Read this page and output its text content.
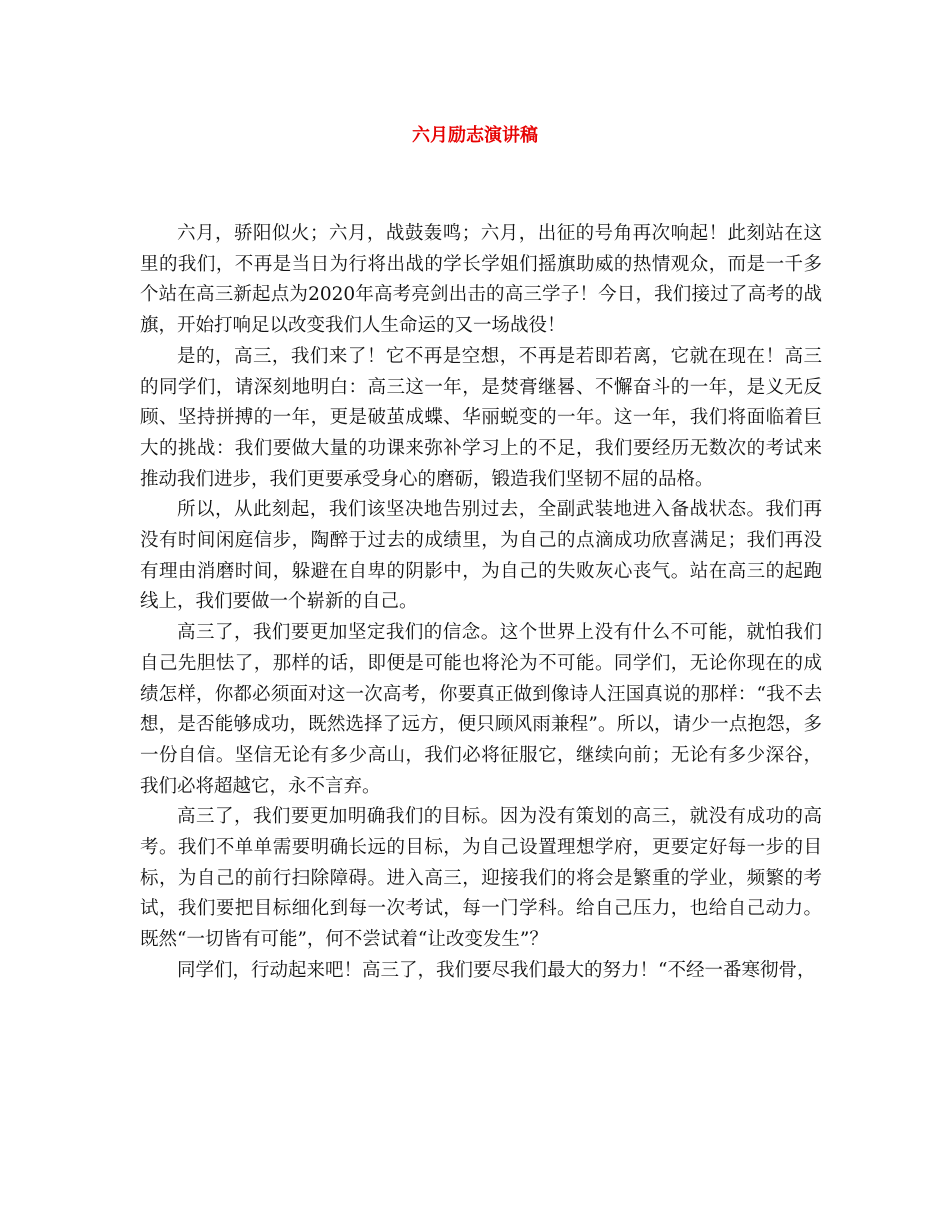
六月励志演讲稿

六月，骄阳似火；六月，战鼓轰鸣；六月，出征的号角再次响起！此刻站在这里的我们，不再是当日为行将出战的学长学姐们摇旗助威的热情观众，而是一千多个站在高三新起点为2020年高考亮剑出击的高三学子！今日，我们接过了高考的战旗，开始打响足以改变我们人生命运的又一场战役！

是的，高三，我们来了！它不再是空想，不再是若即若离，它就在现在！高三的同学们，请深刻地明白：高三这一年，是焚膏继晷、不懈奋斗的一年，是义无反顾、坚持拼搏的一年，更是破茧成蝶、华丽蜕变的一年。这一年，我们将面临着巨大的挑战：我们要做大量的功课来弥补学习上的不足，我们要经历无数次的考试来推动我们进步，我们更要承受身心的磨砺，锻造我们坚韧不屈的品格。

所以，从此刻起，我们该坚决地告别过去，全副武装地进入备战状态。我们再没有时间闲庭信步，陶醉于过去的成绩里，为自己的点滴成功欣喜满足；我们再没有理由消磨时间，躲避在自卑的阴影中，为自己的失败灰心丧气。站在高三的起跑线上，我们要做一个崭新的自己。

高三了，我们要更加坚定我们的信念。这个世界上没有什么不可能，就怕我们自己先胆怯了，那样的话，即便是可能也将沦为不可能。同学们，无论你现在的成绩怎样，你都必须面对这一次高考，你要真正做到像诗人汪国真说的那样：“我不去想，是否能够成功，既然选择了远方，便只顾风雨兼程”。所以，请少一点抱怨，多一份自信。坚信无论有多少高山，我们必将征服它，继续向前；无论有多少深谷，我们必将超越它，永不言弃。

高三了，我们要更加明确我们的目标。因为没有策划的高三，就没有成功的高考。我们不单单需要明确长远的目标，为自己设置理想学府，更要定好每一步的目标，为自己的前行扫除障碍。进入高三，迎接我们的将会是繁重的学业，频繁的考试，我们要把目标细化到每一次考试，每一门学科。给自己压力，也给自己动力。既然“一切皆有可能”，何不尝试着“让改变发生”？

同学们，行动起来吧！高三了，我们要尽我们最大的努力！“不经一番寒彻骨，
